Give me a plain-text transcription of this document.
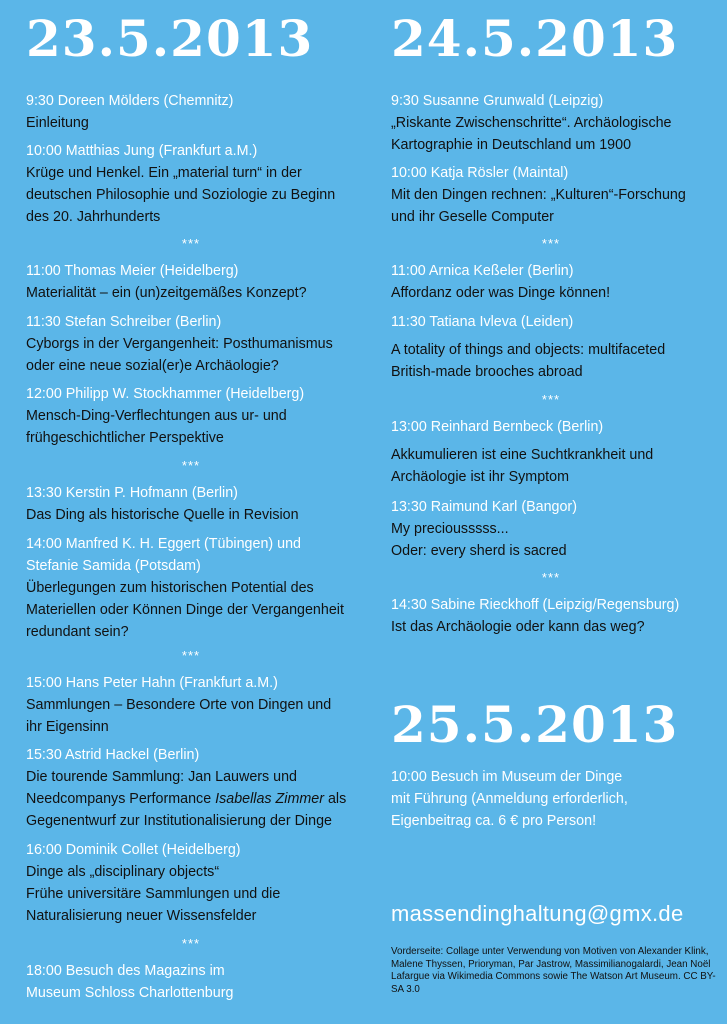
23.5.2013
9:30 Doreen Mölders (Chemnitz)
Einleitung
10:00 Matthias Jung (Frankfurt a.M.)
Krüge und Henkel. Ein „material turn“ in der deutschen Philosophie und Soziologie zu Beginn des 20. Jahrhunderts
***
11:00 Thomas Meier (Heidelberg)
Materialität – ein (un)zeitgemäßes Konzept?
11:30 Stefan Schreiber (Berlin)
Cyborgs in der Vergangenheit: Posthumanismus oder eine neue sozial(er)e Archäologie?
12:00 Philipp W. Stockhammer (Heidelberg)
Mensch-Ding-Verflechtungen aus ur- und frühgeschichtlicher Perspektive
***
13:30 Kerstin P. Hofmann (Berlin)
Das Ding als historische Quelle in Revision
14:00 Manfred K. H. Eggert (Tübingen) und
Stefanie Samida (Potsdam)
Überlegungen zum historischen Potential des Materiellen oder Können Dinge der Vergangenheit redundant sein?
***
15:00 Hans Peter Hahn (Frankfurt a.M.)
Sammlungen – Besondere Orte von Dingen und ihr Eigensinn
15:30 Astrid Hackel (Berlin)
Die tourende Sammlung: Jan Lauwers und Needcompanys Performance Isabellas Zimmer als Gegenentwurf zur Institutionalisierung der Dinge
16:00 Dominik Collet (Heidelberg)
Dinge als „disciplinary objects“
Frühe universitäre Sammlungen und die Naturalisierung neuer Wissensfelder
***
18:00 Besuch des Magazins im
Museum Schloss Charlottenburg
24.5.2013
9:30 Susanne Grunwald (Leipzig)
„Riskante Zwischenschritte“. Archäologische Kartographie in Deutschland um 1900
10:00 Katja Rösler (Maintal)
Mit den Dingen rechnen: „Kulturen“-Forschung und ihr Geselle Computer
***
11:00 Arnica Keßeler (Berlin)
Affordanz oder was Dinge können!
11:30 Tatiana Ivleva (Leiden)
A totality of things and objects: multifaceted British-made brooches abroad
***
13:00 Reinhard Bernbeck (Berlin)
Akkumulieren ist eine Suchtkrankheit und Archäologie ist ihr Symptom
13:30 Raimund Karl (Bangor)
My preciousssss...
Oder: every sherd is sacred
***
14:30 Sabine Rieckhoff (Leipzig/Regensburg)
Ist das Archäologie oder kann das weg?
25.5.2013
10:00 Besuch im Museum der Dinge
mit Führung (Anmeldung erforderlich,
Eigenbeitrag ca. 6 € pro Person!
massendinghaltung@gmx.de
Vorderseite: Collage unter Verwendung von Motiven von Alexander Klink, Malene Thyssen, Prioryman, Par Jastrow, Massimilianogalardi, Jean Noël Lafargue via Wikimedia Commons sowie The Watson Art Museum. CC BY-SA 3.0
